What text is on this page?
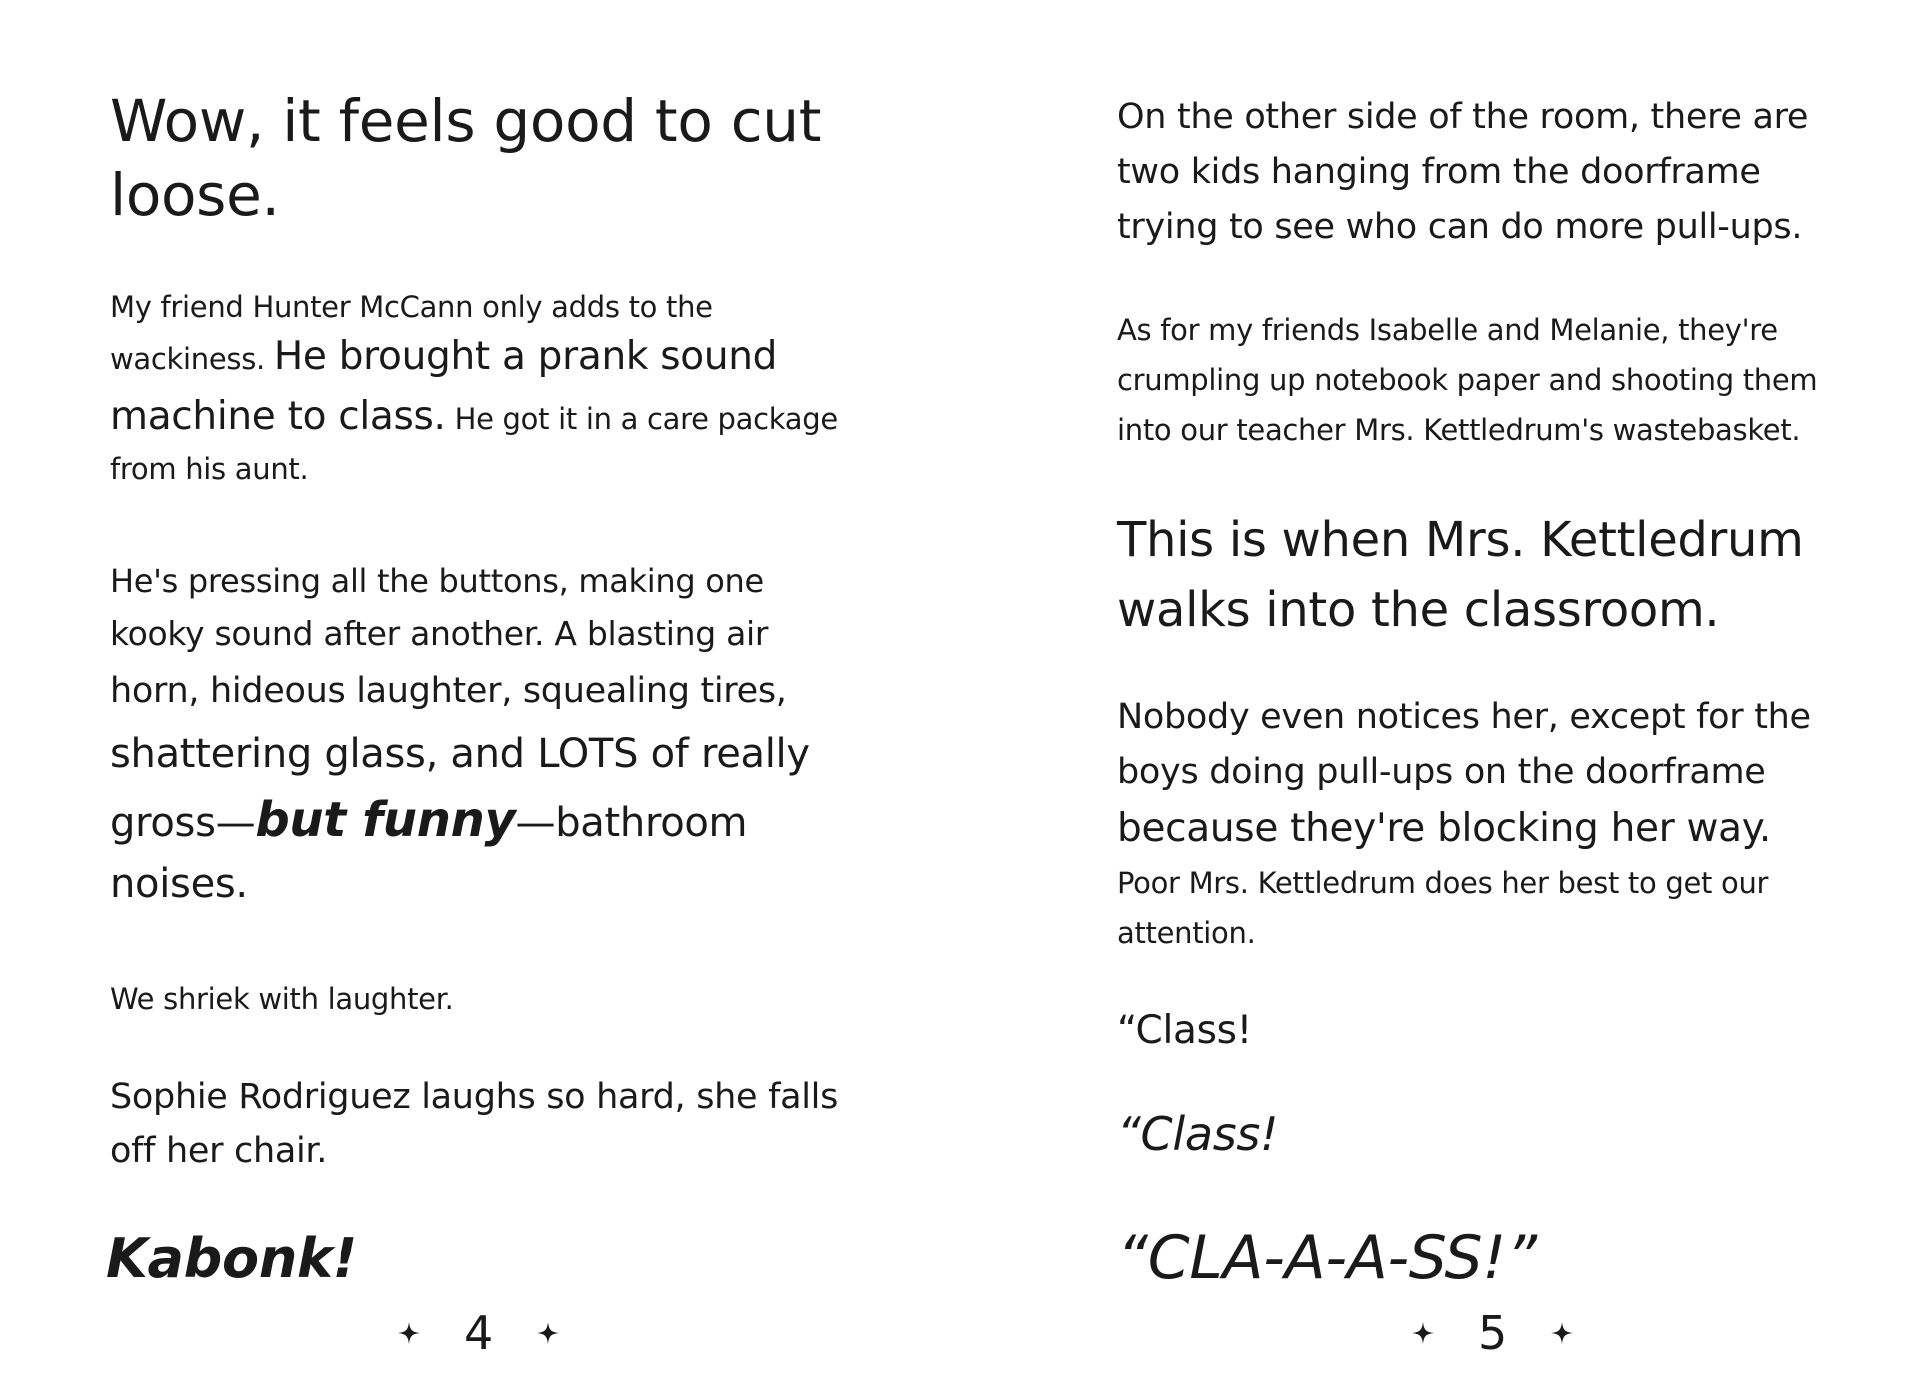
Wow, it feels good to cut
loose.
My friend Hunter McCann only adds to the
wackiness. He brought a prank sound
machine to class. He got it in a care package
from his aunt.
He's pressing all the buttons, making one
kooky sound after another. A blasting air
horn, hideous laughter, squealing tires,
shattering glass, and LOTS of really
gross—but funny—bathroom
noises.
We shriek with laughter.
Sophie Rodriguez laughs so hard, she falls
off her chair.
Kabonk!
4
On the other side of the room, there are
two kids hanging from the doorframe
trying to see who can do more pull-ups.
As for my friends Isabelle and Melanie, they're
crumpling up notebook paper and shooting them
into our teacher Mrs. Kettledrum's wastebasket.
This is when Mrs. Kettledrum
walks into the classroom.
Nobody even notices her, except for the
boys doing pull-ups on the doorframe
because they're blocking her way.
Poor Mrs. Kettledrum does her best to get our
attention.
“Class!
“Class!
“CLA-A-A-SS!”
5
